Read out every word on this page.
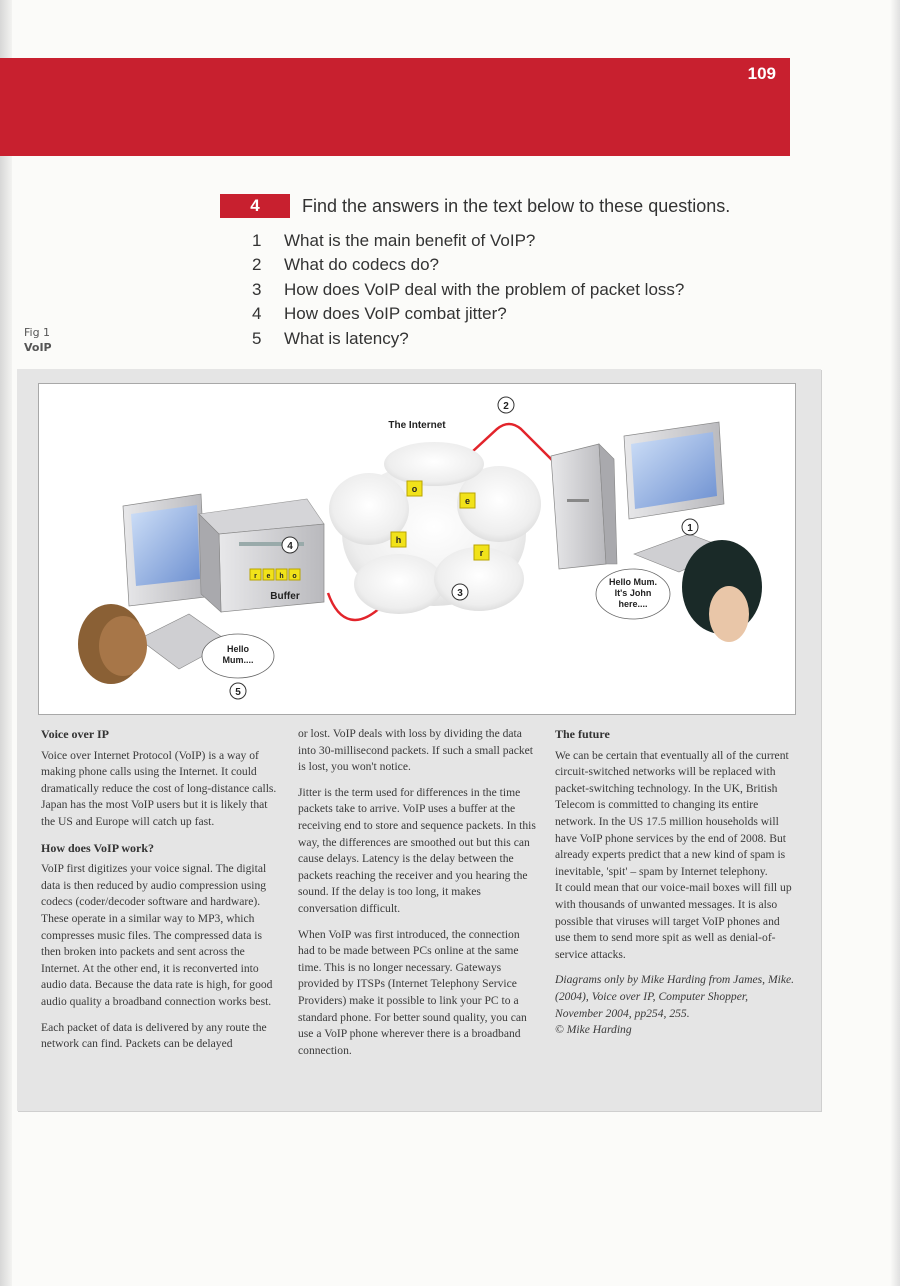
109
4	Find the answers in the text below to these questions.
1	What is the main benefit of VoIP?
2	What do codecs do?
3	How does VoIP deal with the problem of packet loss?
4	How does VoIP combat jitter?
5	What is latency?
Fig 1
VoIP
The Internet
o
e
h
r
r e h o
Buffer
Hello
Mum....
Hello Mum.
It's John
here....
1
2
3
4
5
Voice over IP

Voice over Internet Protocol (VoIP) is a way of making phone calls using the Internet. It could dramatically reduce the cost of long-distance calls. Japan has the most VoIP users but it is likely that the US and Europe will catch up fast.

How does VoIP work?

VoIP first digitizes your voice signal. The digital data is then reduced by audio compression using codecs (coder/decoder software and hardware). These operate in a similar way to MP3, which compresses music files. The compressed data is then broken into packets and sent across the Internet. At the other end, it is reconverted into audio data. Because the data rate is high, for good audio quality a broadband connection works best.

Each packet of data is delivered by any route the network can find. Packets can be delayed

or lost. VoIP deals with loss by dividing the data into 30-millisecond packets. If such a small packet is lost, you won't notice.

Jitter is the term used for differences in the time packets take to arrive. VoIP uses a buffer at the receiving end to store and sequence packets. In this way, the differences are smoothed out but this can cause delays. Latency is the delay between the packets reaching the receiver and you hearing the sound. If the delay is too long, it makes conversation difficult.

When VoIP was first introduced, the connection had to be made between PCs online at the same time. This is no longer necessary. Gateways provided by ITSPs (Internet Telephony Service Providers) make it possible to link your PC to a standard phone. For better sound quality, you can use a VoIP phone wherever there is a broadband connection.

The future

We can be certain that eventually all of the current circuit-switched networks will be replaced with packet-switching technology. In the UK, British Telecom is committed to changing its entire network. In the US 17.5 million households will have VoIP phone services by the end of 2008. But already experts predict that a new kind of spam is inevitable, 'spit' – spam by Internet telephony.

It could mean that our voice-mail boxes will fill up with thousands of unwanted messages. It is also possible that viruses will target VoIP phones and use them to send more spit as well as denial-of-service attacks.

Diagrams only by Mike Harding from James, Mike. (2004), Voice over IP, Computer Shopper, November 2004, pp254, 255.

© Mike Harding
